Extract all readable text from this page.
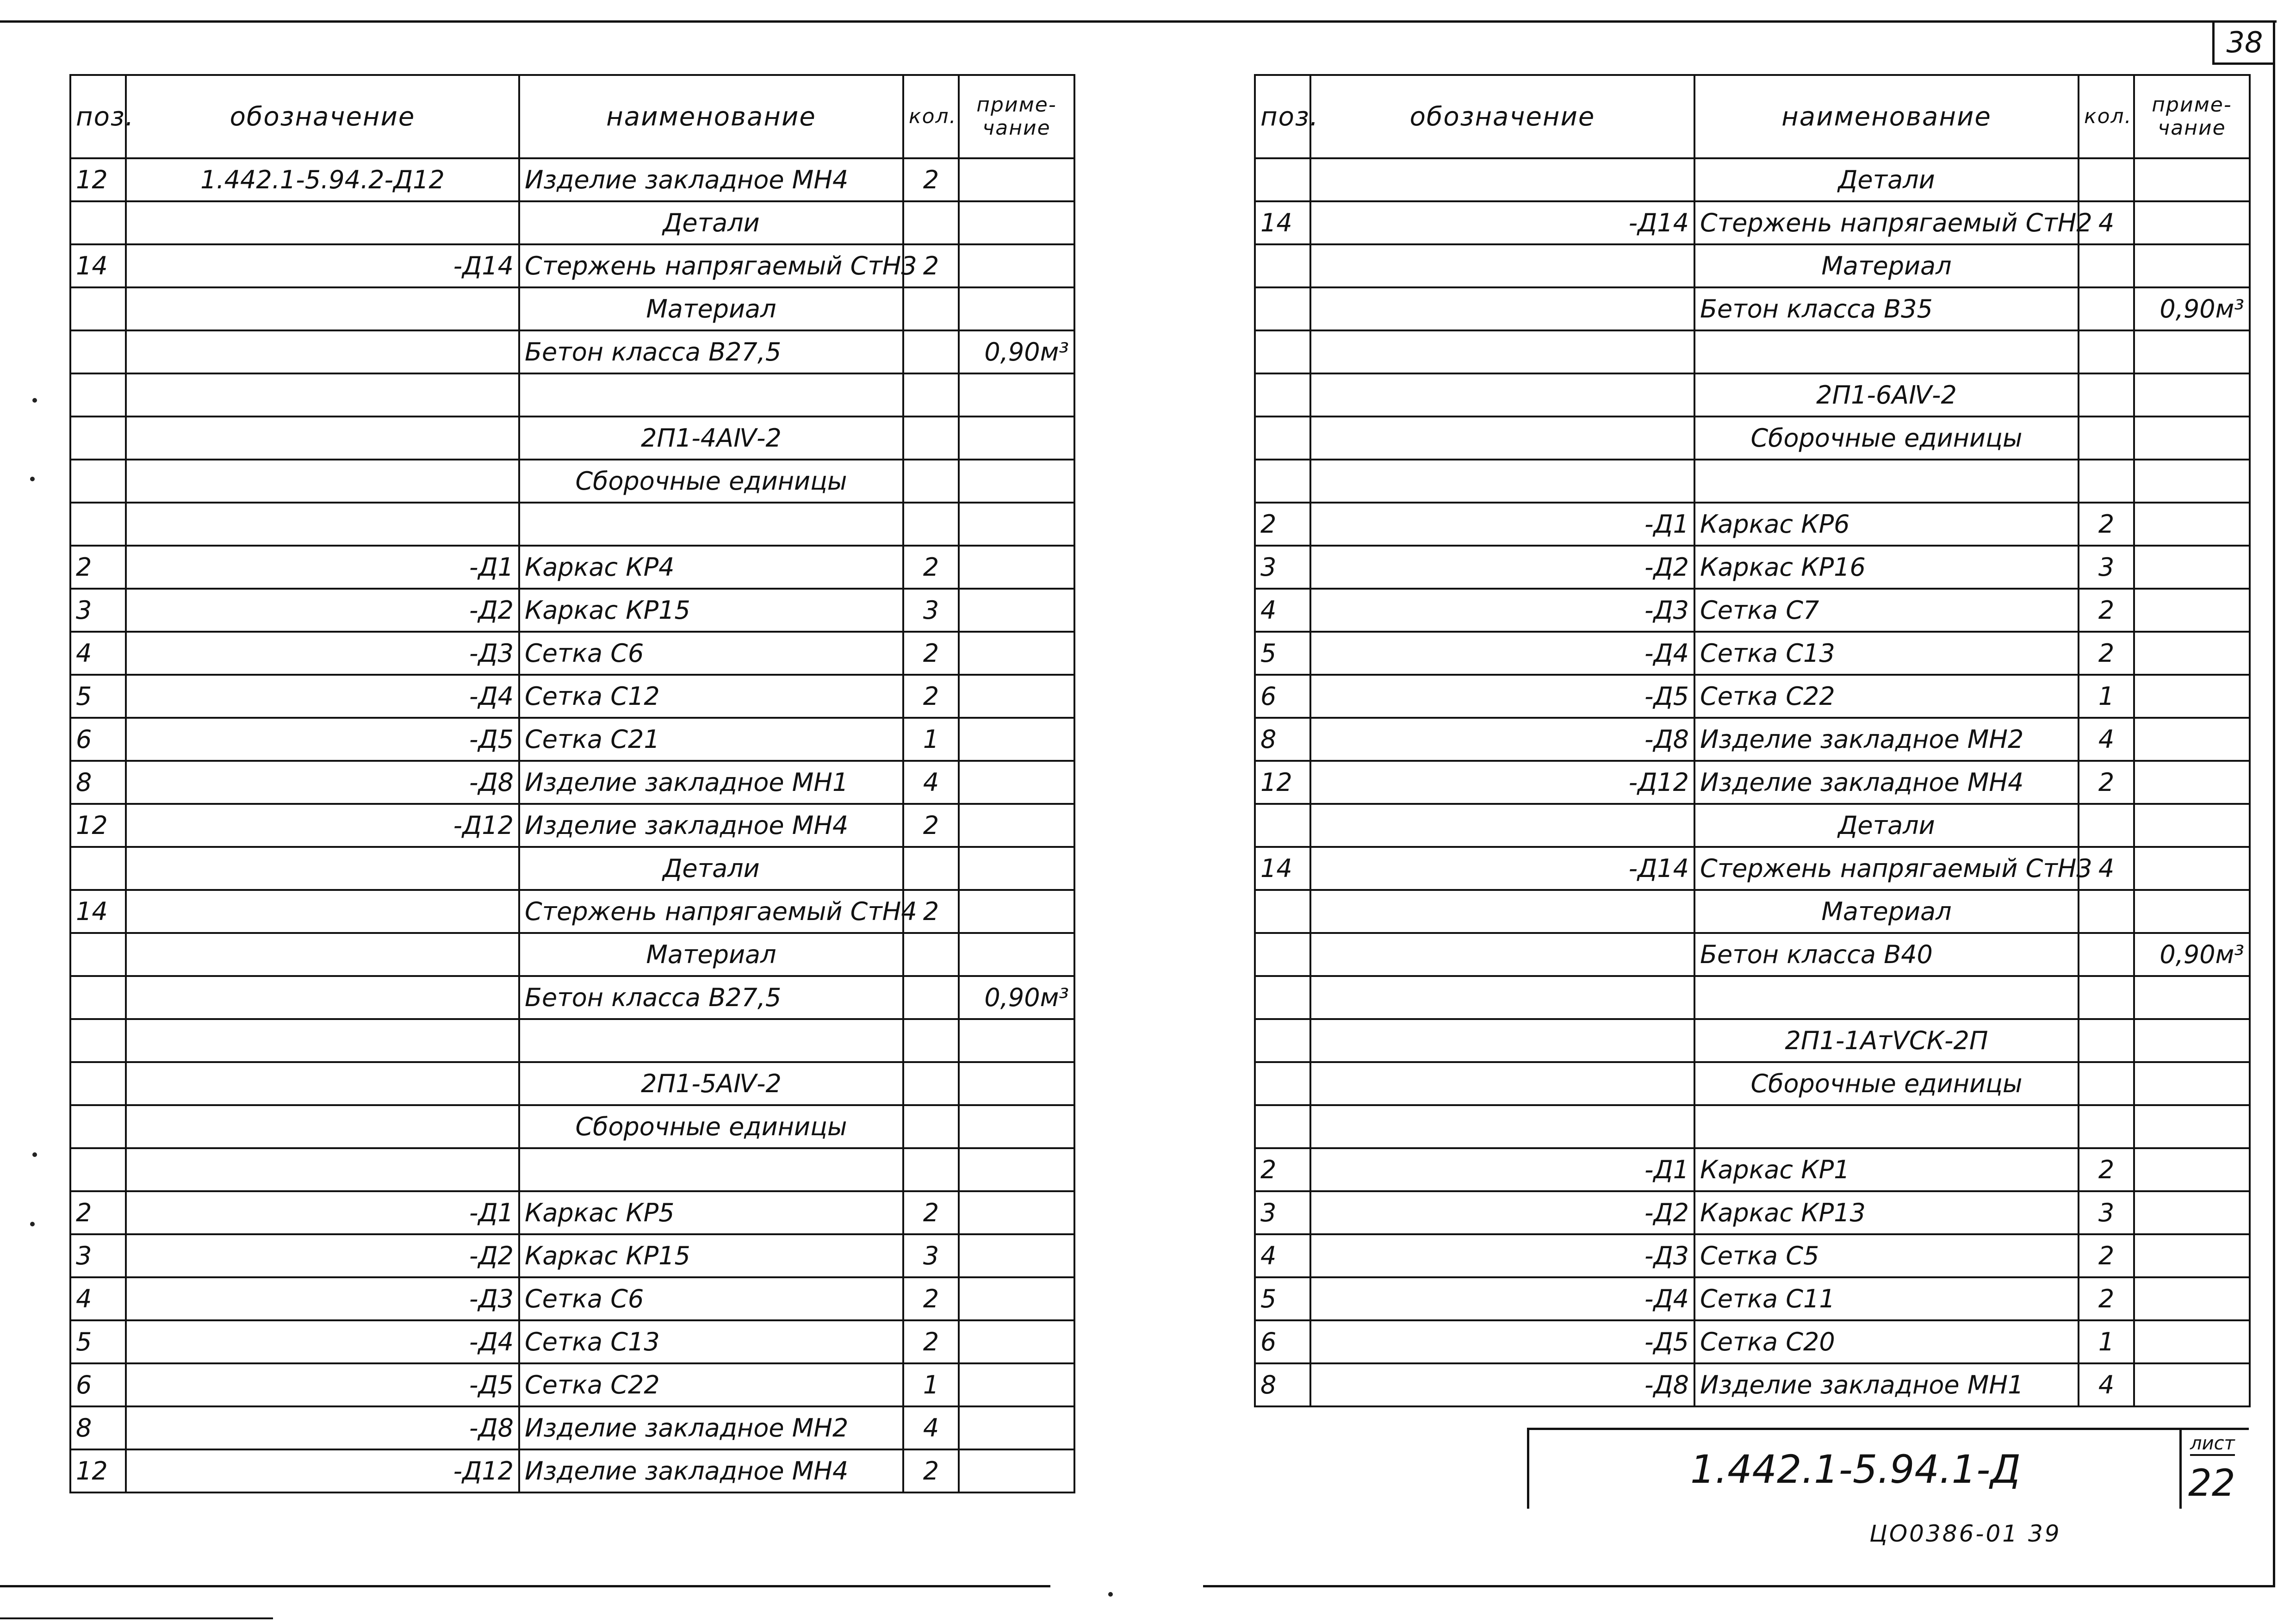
38
поз.	обозначение	наименование	кол.	приме-чание
12	1.442.1-5.94.2-Д12	Изделие закладное МН4	2	
		Детали		
14	-Д14	Стержень напрягаемый СтН3	2	
		Материал		
		Бетон класса В27,5		0,90м³

		2П1-4АⅣ-2		
		Сборочные единицы		

2	-Д1	Каркас КР4	2	
3	-Д2	Каркас КР15	3	
4	-Д3	Сетка С6	2	
5	-Д4	Сетка С12	2	
6	-Д5	Сетка С21	1	
8	-Д8	Изделие закладное МН1	4	
12	-Д12	Изделие закладное МН4	2	
		Детали		
14		Стержень напрягаемый СтН4	2	
		Материал		
		Бетон класса В27,5		0,90м³

		2П1-5АⅣ-2		
		Сборочные единицы		

2	-Д1	Каркас КР5	2	
3	-Д2	Каркас КР15	3	
4	-Д3	Сетка С6	2	
5	-Д4	Сетка С13	2	
6	-Д5	Сетка С22	1	
8	-Д8	Изделие закладное МН2	4	
12	-Д12	Изделие закладное МН4	2	
поз.	обозначение	наименование	кол.	приме-чание
		Детали		
14	-Д14	Стержень напрягаемый СтН2	4	
		Материал		
		Бетон класса В35		0,90м³

		2П1-6АⅣ-2		
		Сборочные единицы		

2	-Д1	Каркас КР6	2	
3	-Д2	Каркас КР16	3	
4	-Д3	Сетка С7	2	
5	-Д4	Сетка С13	2	
6	-Д5	Сетка С22	1	
8	-Д8	Изделие закладное МН2	4	
12	-Д12	Изделие закладное МН4	2	
		Детали		
14	-Д14	Стержень напрягаемый СтН3	4	
		Материал		
		Бетон класса В40		0,90м³

		2П1-1АтⅤСК-2П		
		Сборочные единицы		

2	-Д1	Каркас КР1	2	
3	-Д2	Каркас КР13	3	
4	-Д3	Сетка С5	2	
5	-Д4	Сетка С11	2	
6	-Д5	Сетка С20	1	
8	-Д8	Изделие закладное МН1	4	
1.442.1-5.94.1-Д
лист
22
ЦО0386-01 39
